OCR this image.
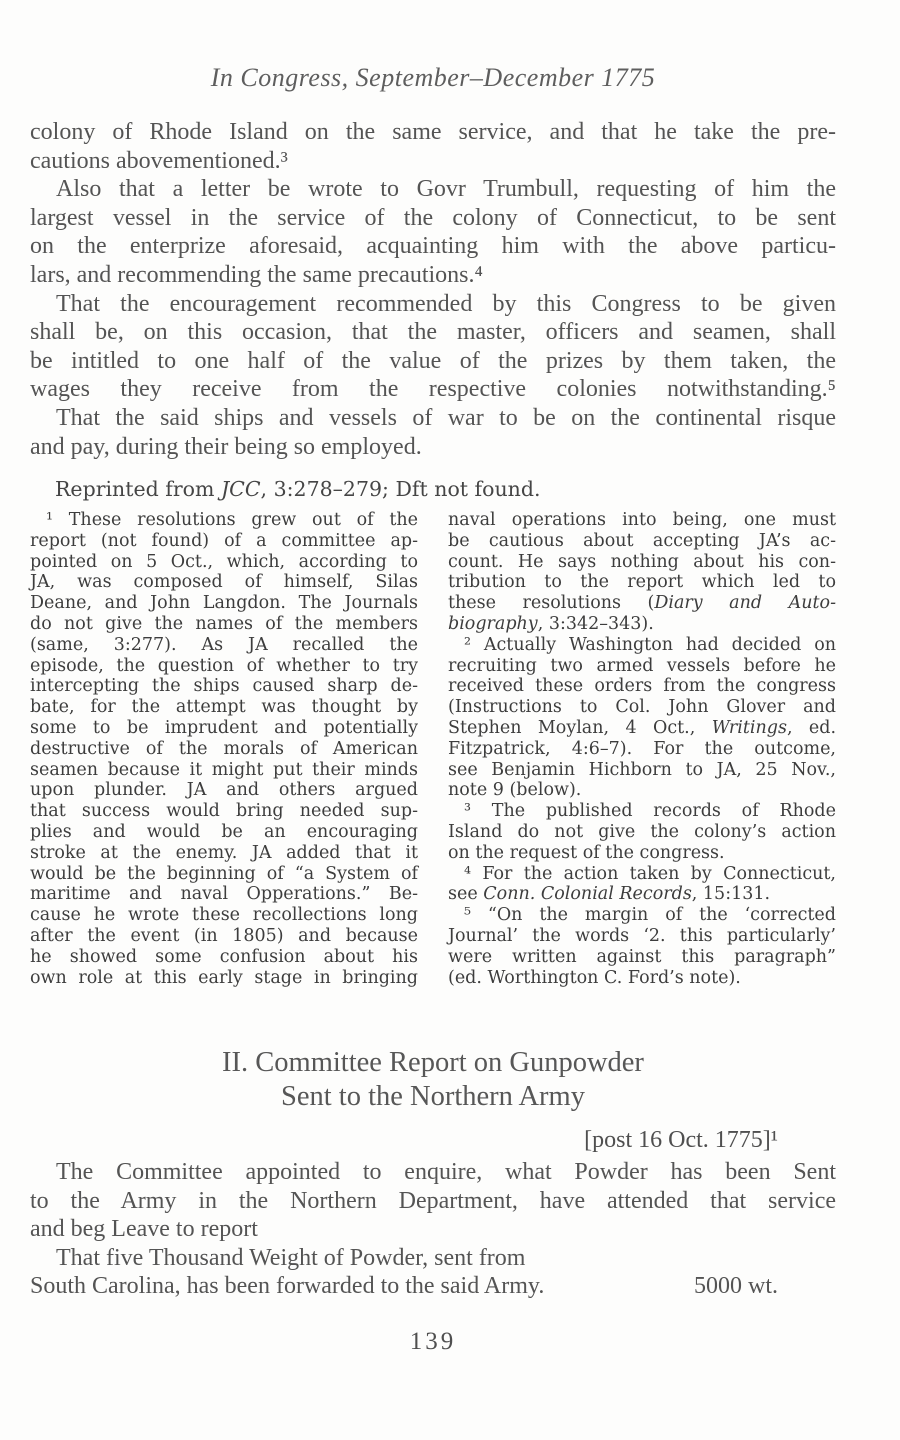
In Congress, September–December 1775
colony of Rhode Island on the same service, and that he take the pre-
cautions abovementioned.³
Also that a letter be wrote to Govr Trumbull, requesting of him the
largest vessel in the service of the colony of Connecticut, to be sent
on the enterprize aforesaid, acquainting him with the above particu-
lars, and recommending the same precautions.⁴
That the encouragement recommended by this Congress to be given
shall be, on this occasion, that the master, officers and seamen, shall
be intitled to one half of the value of the prizes by them taken, the
wages they receive from the respective colonies notwithstanding.⁵
That the said ships and vessels of war to be on the continental risque
and pay, during their being so employed.
Reprinted from JCC, 3:278–279; Dft not found.
¹ These resolutions grew out of the
report (not found) of a committee ap-
pointed on 5 Oct., which, according to
JA, was composed of himself, Silas
Deane, and John Langdon. The Journals
do not give the names of the members
(same, 3:277). As JA recalled the
episode, the question of whether to try
intercepting the ships caused sharp de-
bate, for the attempt was thought by
some to be imprudent and potentially
destructive of the morals of American
seamen because it might put their minds
upon plunder. JA and others argued
that success would bring needed sup-
plies and would be an encouraging
stroke at the enemy. JA added that it
would be the beginning of “a System of
maritime and naval Opperations.” Be-
cause he wrote these recollections long
after the event (in 1805) and because
he showed some confusion about his
own role at this early stage in bringing
naval operations into being, one must
be cautious about accepting JA’s ac-
count. He says nothing about his con-
tribution to the report which led to
these resolutions (Diary and Auto-
biography, 3:342–343).
² Actually Washington had decided on
recruiting two armed vessels before he
received these orders from the congress
(Instructions to Col. John Glover and
Stephen Moylan, 4 Oct., Writings, ed.
Fitzpatrick, 4:6–7). For the outcome,
see Benjamin Hichborn to JA, 25 Nov.,
note 9 (below).
³ The published records of Rhode
Island do not give the colony’s action
on the request of the congress.
⁴ For the action taken by Connecticut,
see Conn. Colonial Records, 15:131.
⁵ “On the margin of the ‘corrected
Journal’ the words ‘2. this particularly’
were written against this paragraph”
(ed. Worthington C. Ford’s note).
II. Committee Report on Gunpowder
Sent to the Northern Army
[post 16 Oct. 1775]¹
The Committee appointed to enquire, what Powder has been Sent
to the Army in the Northern Department, have attended that service
and beg Leave to report
That five Thousand Weight of Powder, sent from
South Carolina, has been forwarded to the said Army.	5000 wt.
139
